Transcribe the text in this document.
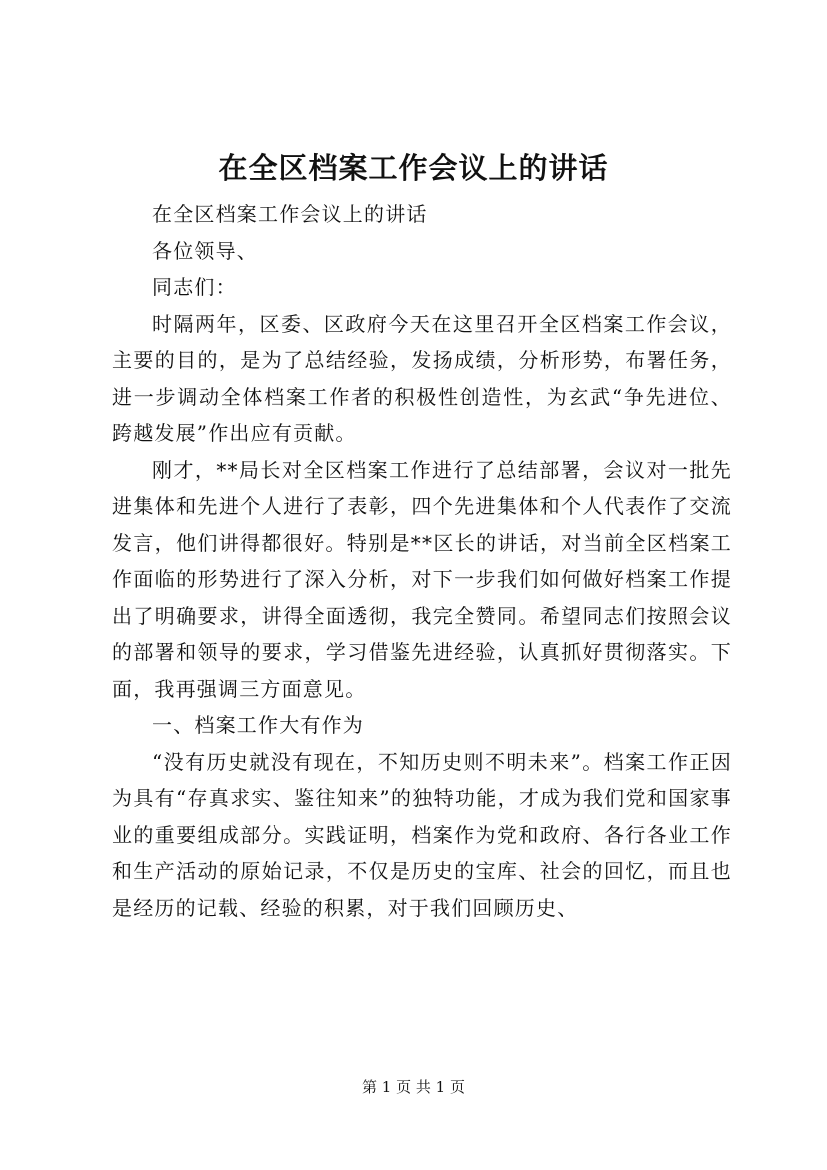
在全区档案工作会议上的讲话

在全区档案工作会议上的讲话

各位领导、

同志们：

时隔两年，区委、区政府今天在这里召开全区档案工作会议，主要的目的，是为了总结经验，发扬成绩，分析形势，布署任务，进一步调动全体档案工作者的积极性创造性，为玄武“争先进位、跨越发展”作出应有贡献。

刚才，**局长对全区档案工作进行了总结部署，会议对一批先进集体和先进个人进行了表彰，四个先进集体和个人代表作了交流发言，他们讲得都很好。特别是**区长的讲话，对当前全区档案工作面临的形势进行了深入分析，对下一步我们如何做好档案工作提出了明确要求，讲得全面透彻，我完全赞同。希望同志们按照会议的部署和领导的要求，学习借鉴先进经验，认真抓好贯彻落实。下面，我再强调三方面意见。

一、档案工作大有作为

“没有历史就没有现在，不知历史则不明未来”。档案工作正因为具有“存真求实、鉴往知来”的独特功能，才成为我们党和国家事业的重要组成部分。实践证明，档案作为党和政府、各行各业工作和生产活动的原始记录，不仅是历史的宝库、社会的回忆，而且也是经历的记载、经验的积累，对于我们回顾历史、

第 1 页 共 1 页
